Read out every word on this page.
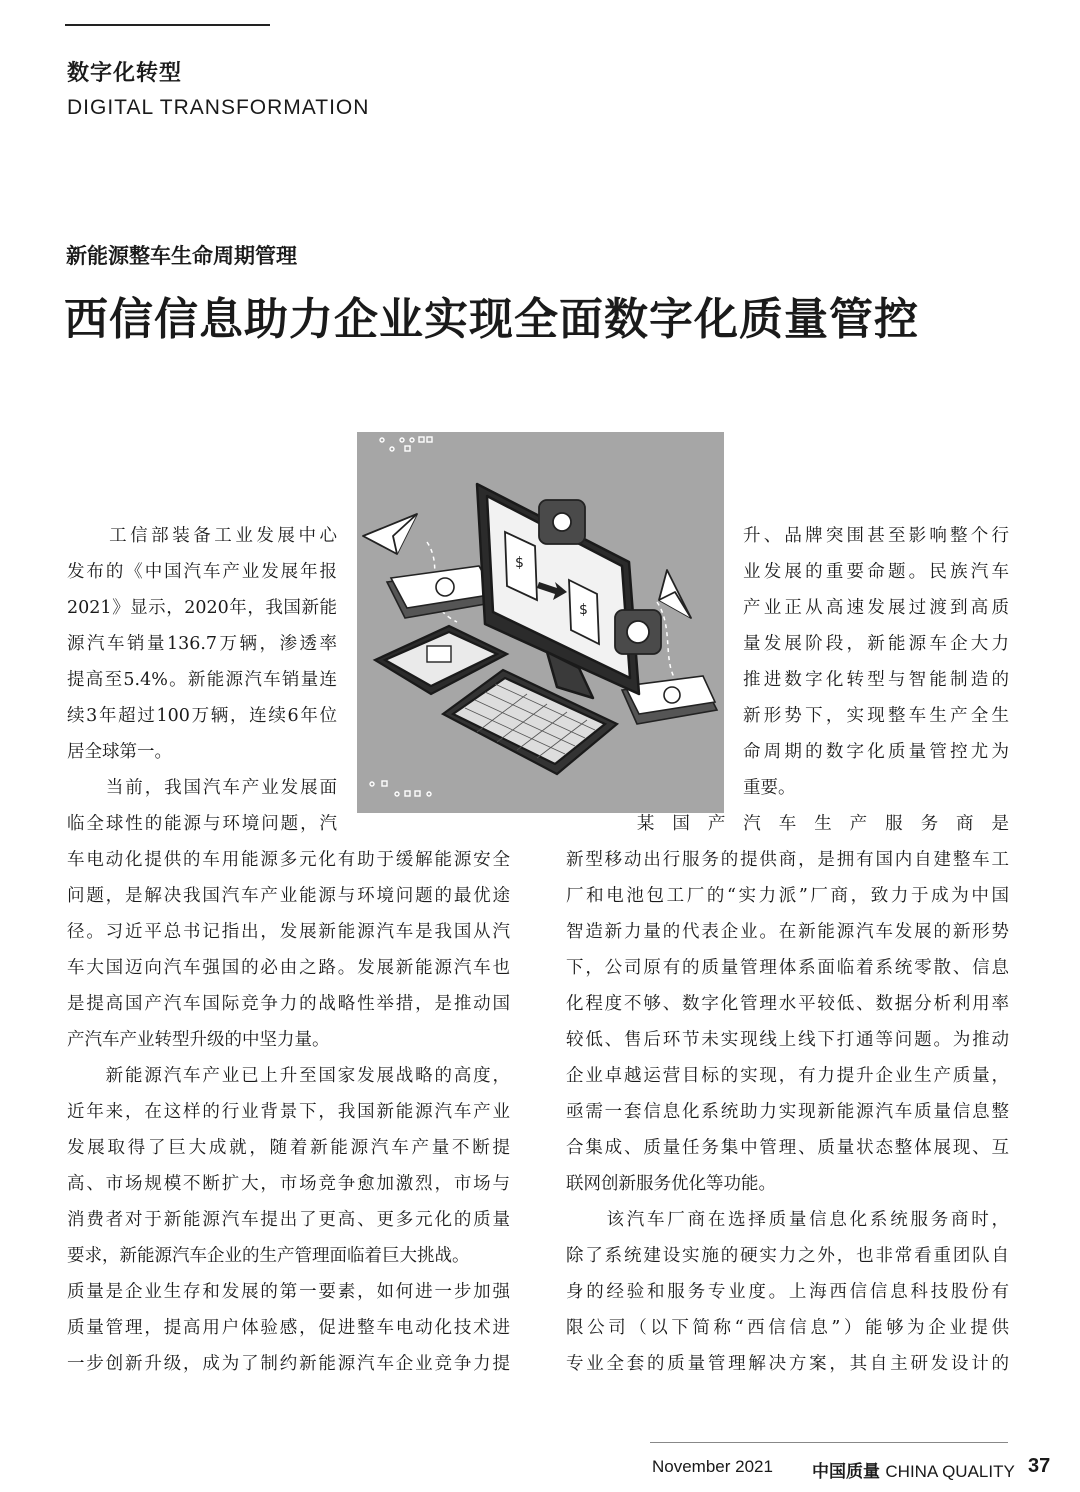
数字化转型
DIGITAL TRANSFORMATION
新能源整车生命周期管理
西信信息助力企业实现全面数字化质量管控
$
$
　　工信部装备工业发展中心
发布的《中国汽车产业发展年报
2021》显示，2020年，我国新能
源汽车销量136.7万辆，渗透率
提高至5.4%。新能源汽车销量连
续3年超过100万辆，连续6年位
居全球第一。
　　当前，我国汽车产业发展面
临全球性的能源与环境问题，汽
车电动化提供的车用能源多元化有助于缓解能源安全
问题，是解决我国汽车产业能源与环境问题的最优途
径。习近平总书记指出，发展新能源汽车是我国从汽
车大国迈向汽车强国的必由之路。发展新能源汽车也
是提高国产汽车国际竞争力的战略性举措，是推动国
产汽车产业转型升级的中坚力量。
　　新能源汽车产业已上升至国家发展战略的高度，
近年来，在这样的行业背景下，我国新能源汽车产业
发展取得了巨大成就，随着新能源汽车产量不断提
高、市场规模不断扩大，市场竞争愈加激烈，市场与
消费者对于新能源汽车提出了更高、更多元化的质量
要求，新能源汽车企业的生产管理面临着巨大挑战。
质量是企业生存和发展的第一要素，如何进一步加强
质量管理，提高用户体验感，促进整车电动化技术进
一步创新升级，成为了制约新能源汽车企业竞争力提
升、品牌突围甚至影响整个行
业发展的重要命题。民族汽车
产业正从高速发展过渡到高质
量发展阶段，新能源车企大力
推进数字化转型与智能制造的
新形势下，实现整车生产全生
命周期的数字化质量管控尤为
重要。
　　某国产汽车生产服务商是
新型移动出行服务的提供商，是拥有国内自建整车工
厂和电池包工厂的“实力派”厂商，致力于成为中国
智造新力量的代表企业。在新能源汽车发展的新形势
下，公司原有的质量管理体系面临着系统零散、信息
化程度不够、数字化管理水平较低、数据分析利用率
较低、售后环节未实现线上线下打通等问题。为推动
企业卓越运营目标的实现，有力提升企业生产质量，
亟需一套信息化系统助力实现新能源汽车质量信息整
合集成、质量任务集中管理、质量状态整体展现、互
联网创新服务优化等功能。
　　该汽车厂商在选择质量信息化系统服务商时，
除了系统建设实施的硬实力之外，也非常看重团队自
身的经验和服务专业度。上海西信信息科技股份有
限公司（以下简称“西信信息”）能够为企业提供
专业全套的质量管理解决方案，其自主研发设计的
November 2021 中国质量 CHINA QUALITY 37
